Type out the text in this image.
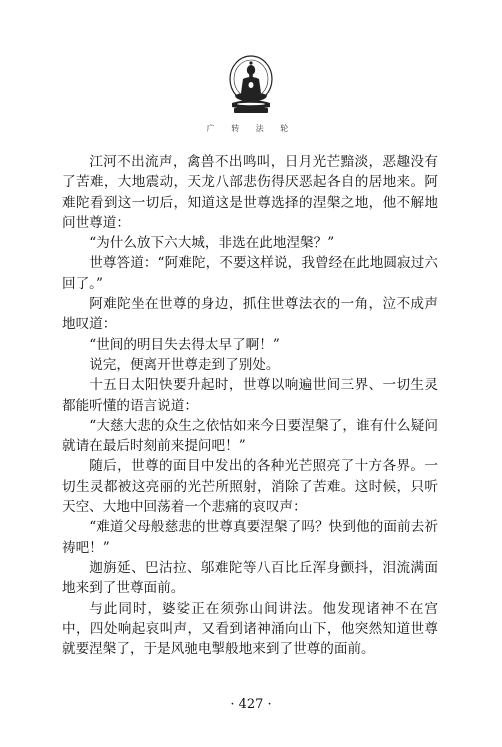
广 转 法 轮

江河不出流声，禽兽不出鸣叫，日月光芒黯淡，恶趣没有了苦难，大地震动，天龙八部悲伤得厌恶起各自的居地来。阿难陀看到这一切后，知道这是世尊选择的涅槃之地，他不解地问世尊道：

“为什么放下六大城，非选在此地涅槃？”

世尊答道：“阿难陀，不要这样说，我曾经在此地圆寂过六回了。”

阿难陀坐在世尊的身边，抓住世尊法衣的一角，泣不成声地叹道：

“世间的明目失去得太早了啊！”

说完，便离开世尊走到了别处。

十五日太阳快要升起时，世尊以响遍世间三界、一切生灵都能听懂的语言说道：

“大慈大悲的众生之依怙如来今日要涅槃了，谁有什么疑问就请在最后时刻前来提问吧！”

随后，世尊的面目中发出的各种光芒照亮了十方各界。一切生灵都被这亮丽的光芒所照射，消除了苦难。这时候，只听天空、大地中回荡着一个悲痛的哀叹声：

“难道父母般慈悲的世尊真要涅槃了吗？快到他的面前去祈祷吧！”

迦旃延、巴沽拉、邬难陀等八百比丘浑身颤抖，泪流满面地来到了世尊面前。

与此同时，婆娑正在须弥山间讲法。他发现诸神不在宫中，四处响起哀叫声，又看到诸神涌向山下，他突然知道世尊就要涅槃了，于是风驰电掣般地来到了世尊的面前。

· 427 ·
